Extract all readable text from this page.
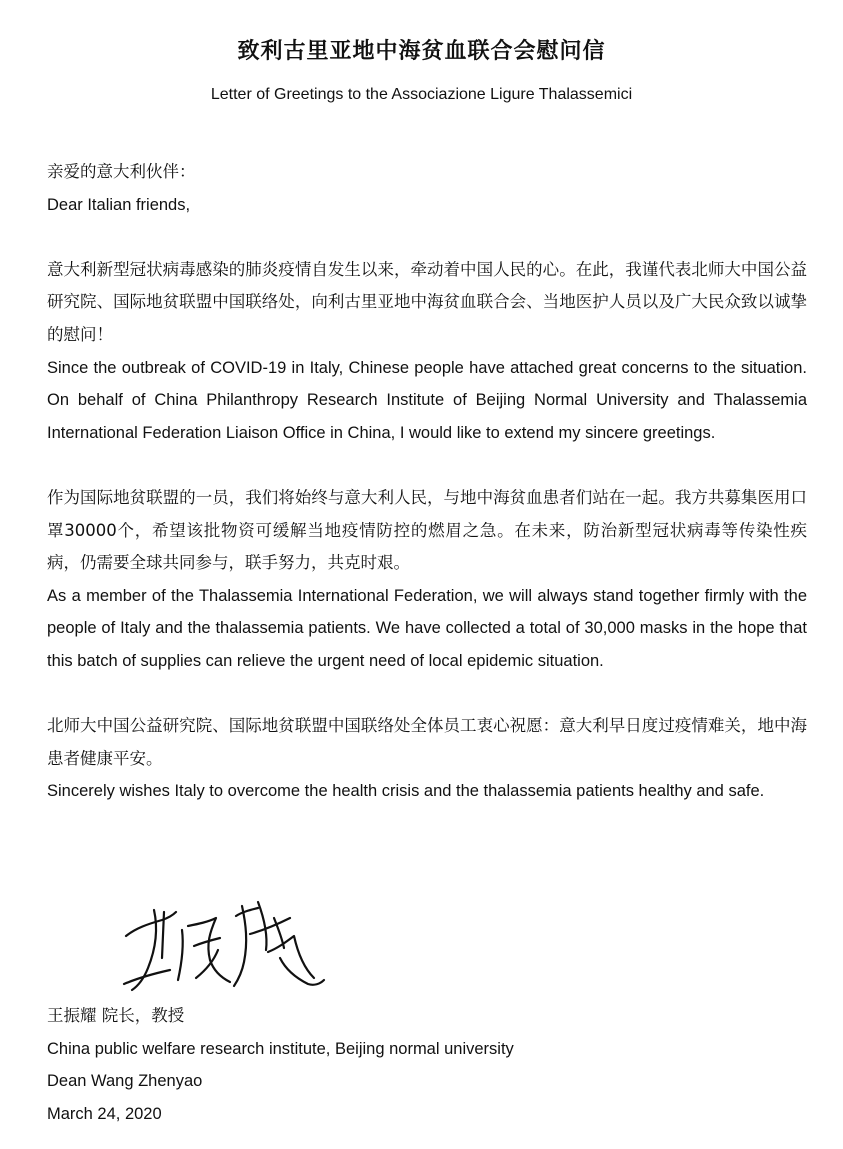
致利古里亚地中海贫血联合会慰问信
Letter of Greetings to the Associazione Ligure Thalassemici

亲爱的意大利伙伴：

Dear Italian friends,

意大利新型冠状病毒感染的肺炎疫情自发生以来，牵动着中国人民的心。在此，我谨代表北师大中国公益研究院、国际地贫联盟中国联络处，向利古里亚地中海贫血联合会、当地医护人员以及广大民众致以诚挚的慰问！

Since the outbreak of COVID-19 in Italy, Chinese people have attached great concerns to the situation. On behalf of China Philanthropy Research Institute of Beijing Normal University and Thalassemia International Federation Liaison Office in China, I would like to extend my sincere greetings.

作为国际地贫联盟的一员，我们将始终与意大利人民，与地中海贫血患者们站在一起。我方共募集医用口罩30000个，希望该批物资可缓解当地疫情防控的燃眉之急。在未来，防治新型冠状病毒等传染性疾病，仍需要全球共同参与，联手努力，共克时艰。

As a member of the Thalassemia International Federation, we will always stand together firmly with the people of Italy and the thalassemia patients. We have collected a total of 30,000 masks in the hope that this batch of supplies can relieve the urgent need of local epidemic situation.

北师大中国公益研究院、国际地贫联盟中国联络处全体员工衷心祝愿：意大利早日度过疫情难关，地中海患者健康平安。

Sincerely wishes Italy to overcome the health crisis and the thalassemia patients healthy and safe.

王振耀 院长，教授

China public welfare research institute, Beijing normal university

Dean Wang Zhenyao

March 24, 2020
